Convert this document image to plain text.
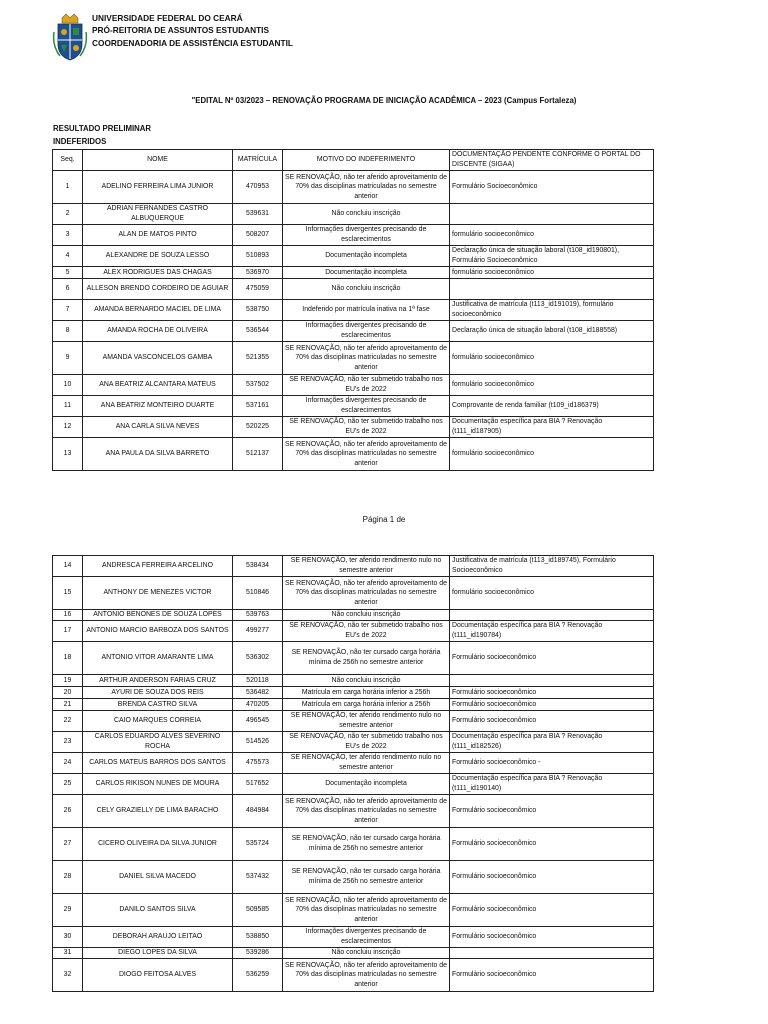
UNIVERSIDADE FEDERAL DO CEARÁ
PRÓ-REITORIA DE ASSUNTOS ESTUDANTIS
COORDENADORIA DE ASSISTÊNCIA ESTUDANTIL
"EDITAL Nº 03/2023 – RENOVAÇÃO PROGRAMA DE INICIAÇÃO ACADÊMICA – 2023 (Campus Fortaleza)
RESULTADO PRELIMINAR
INDEFERIDOS
Seq.	NOME	MATRÍCULA	MOTIVO DO INDEFERIMENTO	DOCUMENTAÇÃO PENDENTE CONFORME O PORTAL DO DISCENTE (SIGAA)
1	ADELINO FERREIRA LIMA JUNIOR	470953	SE RENOVAÇÃO, não ter aferido aproveitamento de 70% das disciplinas matriculadas no semestre anterior	Formulário Socioeconômico
2	ADRIAN FERNANDES CASTRO ALBUQUERQUE	539631	Não concluiu inscrição	
3	ALAN DE MATOS PINTO	508207	Informações divergentes precisando de esclarecimentos	formulário socioeconômico
4	ALEXANDRE DE SOUZA LESSO	510893	Documentação incompleta	Declaração única de situação laboral (t108_id190801), Formulário Socioeconômico
5	ALEX RODRIGUES DAS CHAGAS	536970	Documentação incompleta	formulário socioeconômico
6	ALLESON BRENDO CORDEIRO DE AGUIAR	475059	Não concluiu inscrição	
7	AMANDA BERNARDO MACIEL DE LIMA	538750	Indeferido por matrícula inativa na 1ª fase	Justificativa de matrícula (t113_id191019), formulário socioeconômico
8	AMANDA ROCHA DE OLIVEIRA	536544	Informações divergentes precisando de esclarecimentos	Declaração única de situação laboral (t108_id188558)
9	AMANDA VASCONCELOS GAMBA	521355	SE RENOVAÇÃO, não ter aferido aproveitamento de 70% das disciplinas matriculadas no semestre anterior	formulário socioeconômico
10	ANA BEATRIZ ALCANTARA MATEUS	537502	SE RENOVAÇÃO, não ter submetido trabalho nos EU's de 2022	formulário socioeconômico
11	ANA BEATRIZ MONTEIRO DUARTE	537161	Informações divergentes precisando de esclarecimentos	Comprovante de renda familiar (t109_id186379)
12	ANA CARLA SILVA NEVES	520225	SE RENOVAÇÃO, não ter submetido trabalho nos EU's de 2022	Documentação específica para BIA ? Renovação (t111_id187905)
13	ANA PAULA DA SILVA BARRETO	512137	SE RENOVAÇÃO, não ter aferido aproveitamento de 70% das disciplinas matriculadas no semestre anterior	formulário socioeconômico
Página 1 de
14	ANDRESCA FERREIRA ARCELINO	538434	SE RENOVAÇÃO, ter aferido rendimento nulo no semestre anterior	Justificativa de matrícula (t113_id189745), Formulário Socioeconômico
15	ANTHONY DE MENEZES VICTOR	510846	SE RENOVAÇÃO, não ter aferido aproveitamento de 70% das disciplinas matriculadas no semestre anterior	formulário socioeconômico
16	ANTONIO BENONES DE SOUZA LOPES	539763	Não concluiu inscrição	
17	ANTONIO MARCIO BARBOZA DOS SANTOS	499277	SE RENOVAÇÃO, não ter submetido trabalho nos EU's de 2022	Documentação específica para BIA ? Renovação (t111_id190784)
18	ANTONIO VITOR AMARANTE LIMA	536302	SE RENOVAÇÃO, não ter cursado carga horária mínima de 256h no semestre anterior	Formulário socioeconômico
19	ARTHUR ANDERSON FARIAS CRUZ	520118	Não concluiu inscrição	
20	AYURI DE SOUZA DOS REIS	536482	Matrícula em carga horária inferior a 256h	Formulário socioeconômico
21	BRENDA CASTRO SILVA	470205	Matrícula em carga horária inferior a 256h	Formulário socioeconômico
22	CAIO MARQUES CORREIA	496545	SE RENOVAÇÃO, ter aferido rendimento nulo no semestre anterior	Formulário socioeconômico
23	CARLOS EDUARDO ALVES SEVERINO ROCHA	514526	SE RENOVAÇÃO, não ter submetido trabalho nos EU's de 2022	Documentação específica para BIA ? Renovação (t111_id182526)
24	CARLOS MATEUS BARROS DOS SANTOS	475573	SE RENOVAÇÃO, ter aferido rendimento nulo no semestre anterior	Formulário socioeconômico -
25	CARLOS RIKISON NUNES DE MOURA	517652	Documentação incompleta	Documentação específica para BIA ? Renovação (t111_id190140)
26	CELY GRAZIELLY DE LIMA BARACHO	484984	SE RENOVAÇÃO, não ter aferido aproveitamento de 70% das disciplinas matriculadas no semestre anterior	Formulário socioeconômico
27	CICERO OLIVEIRA DA SILVA JUNIOR	535724	SE RENOVAÇÃO, não ter cursado carga horária mínima de 256h no semestre anterior	Formulário socioeconômico
28	DANIEL SILVA MACEDO	537432	SE RENOVAÇÃO, não ter cursado carga horária mínima de 256h no semestre anterior	Formulário socioeconômico
29	DANILO SANTOS SILVA	509585	SE RENOVAÇÃO, não ter aferido aproveitamento de 70% das disciplinas matriculadas no semestre anterior	Formulário socioeconômico
30	DEBORAH ARAUJO LEITAO	538850	Informações divergentes precisando de esclarecimentos	Formulário socioeconômico
31	DIEGO LOPES DA SILVA	539286	Não concluiu inscrição	
32	DIOGO FEITOSA ALVES	536259	SE RENOVAÇÃO, não ter aferido aproveitamento de 70% das disciplinas matriculadas no semestre anterior	Formulário socioeconômico
